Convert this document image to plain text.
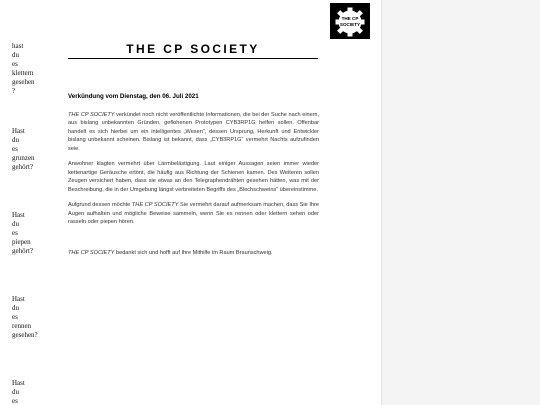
hast
du
es
klettern
gesehen
?
Hast
du
es
grunzen
gehört?
Hast
du
es
piepen
gehört?
Hast
du
es
rennen
gesehen?
Hast
du
es
THE CP
SOCIETY
THE CP SOCIETY
Verkündung vom Dienstag, den 06. Juli 2021

THE CP SOCIETY verkündet noch nicht veröffentlichte Informationen, die bei der Suche nach einem, aus bislang unbekannten Gründen, geflohenen Prototypen CYB3RP1G helfen sollen. Offenbar handelt es sich hierbei um ein intelligentes „Wesen“, dessen Ursprung, Herkunft und Entwickler bislang unbekannt scheinen. Bislang ist bekannt, dass „CYB3RP1G“ vermehrt Nachts aufzufinden seie.

Anwohner klagten vermehrt über Lärmbelästigung. Laut einiger Aussagen seien immer wieder kettenartige Geräusche ertönt, die häufig aus Richtung der Schienen kamen. Des Weiteren sollen Zeugen versichert haben, dass sie etwas an den Telegraphendrähten gesehen hätten, was mit der Beschreibung, die in der Umgebung längst verbreiteten Begriffs des „Blechschweins“ übereinstimme.

Aufgrund dessen möchte THE CP SOCIETY Sie vermehrt darauf aufmerksam machen, dass Sie Ihre Augen aufhalten und mögliche Beweise sammeln, wenn Sie es rennen oder klettern sehen oder rasseln oder piepen hören.

THE CP SOCIETY bedankt sich und hofft auf Ihre Mithilfe im Raum Braunschweig.
